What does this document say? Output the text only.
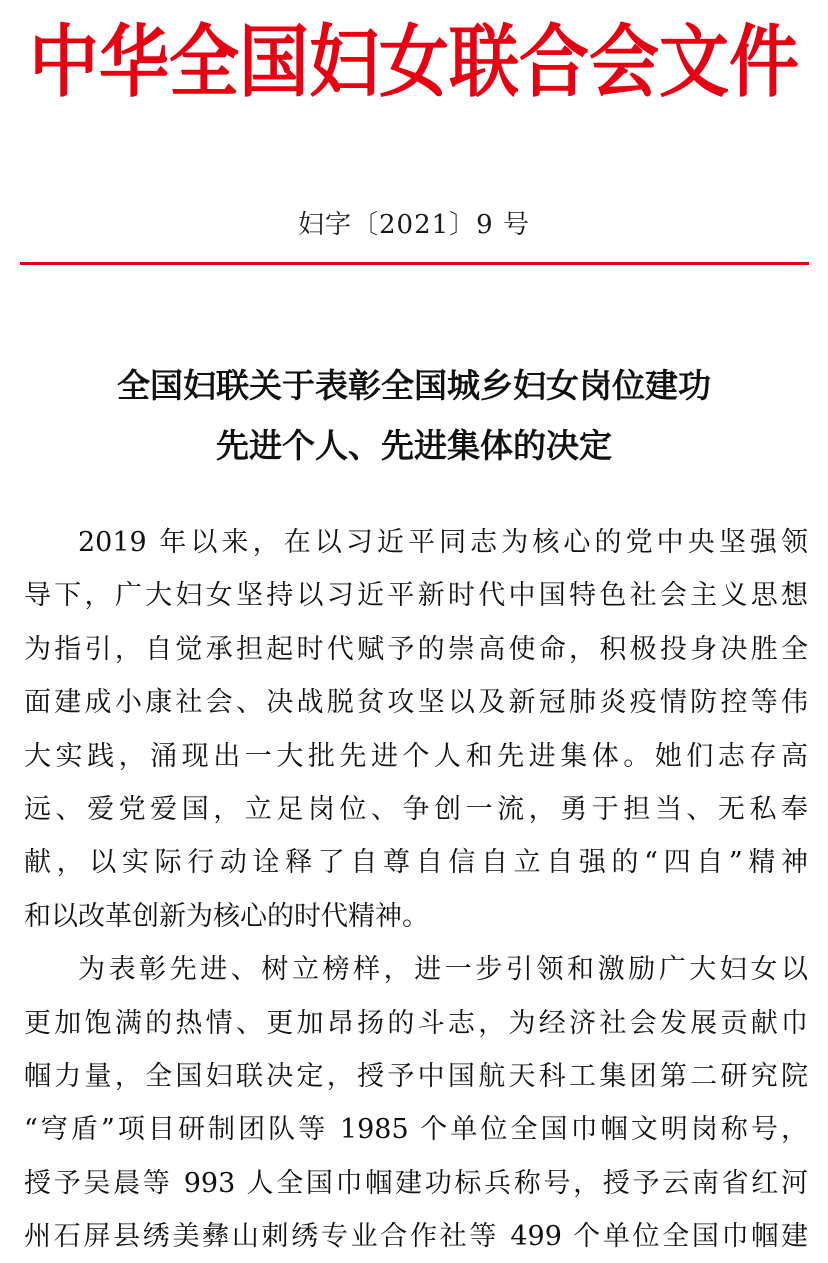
中华全国妇女联合会文件
妇字〔2021〕9 号
全国妇联关于表彰全国城乡妇女岗位建功
先进个人、先进集体的决定
2019 年以来，在以习近平同志为核心的党中央坚强领
导下，广大妇女坚持以习近平新时代中国特色社会主义思想
为指引，自觉承担起时代赋予的崇高使命，积极投身决胜全
面建成小康社会、决战脱贫攻坚以及新冠肺炎疫情防控等伟
大实践，涌现出一大批先进个人和先进集体。她们志存高
远、爱党爱国，立足岗位、争创一流，勇于担当、无私奉
献，以实际行动诠释了自尊自信自立自强的“四自”精神
和以改革创新为核心的时代精神。
为表彰先进、树立榜样，进一步引领和激励广大妇女以
更加饱满的热情、更加昂扬的斗志，为经济社会发展贡献巾
帼力量，全国妇联决定，授予中国航天科工集团第二研究院
“穹盾”项目研制团队等 1985 个单位全国巾帼文明岗称号，
授予吴晨等 993 人全国巾帼建功标兵称号，授予云南省红河
州石屏县绣美彝山刺绣专业合作社等 499 个单位全国巾帼建
